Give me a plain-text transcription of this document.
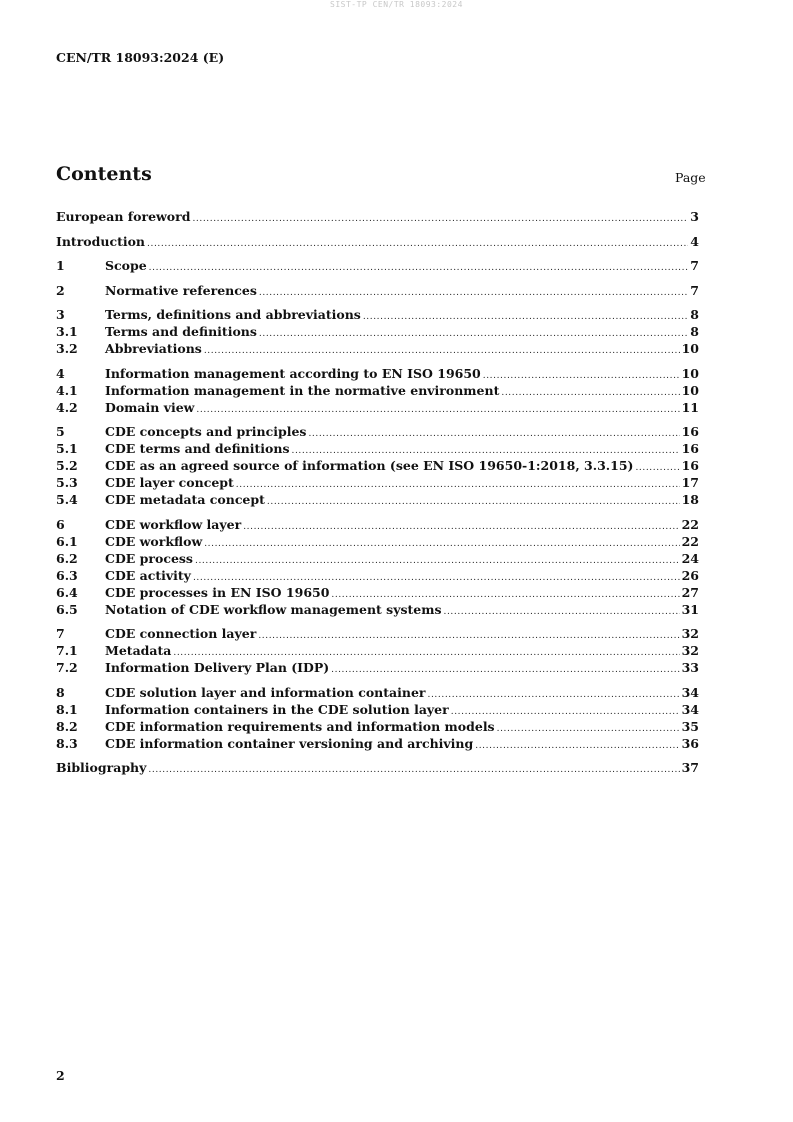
SIST-TP CEN/TR 18093:2024
CEN/TR 18093:2024 (E)
Contents	Page
European foreword .....	3
Introduction .....	4
1	Scope .....	7
2	Normative references .....	7
3	Terms, definitions and abbreviations .....	8
3.1	Terms and definitions .....	8
3.2	Abbreviations .....	10
4	Information management according to EN ISO 19650 .....	10
4.1	Information management in the normative environment .....	10
4.2	Domain view .....	11
5	CDE concepts and principles .....	16
5.1	CDE terms and definitions .....	16
5.2	CDE as an agreed source of information (see EN ISO 19650-1:2018, 3.3.15) .....	16
5.3	CDE layer concept .....	17
5.4	CDE metadata concept .....	18
6	CDE workflow layer .....	22
6.1	CDE workflow .....	22
6.2	CDE process .....	24
6.3	CDE activity .....	26
6.4	CDE processes in EN ISO 19650 .....	27
6.5	Notation of CDE workflow management systems .....	31
7	CDE connection layer .....	32
7.1	Metadata .....	32
7.2	Information Delivery Plan (IDP) .....	33
8	CDE solution layer and information container .....	34
8.1	Information containers in the CDE solution layer .....	34
8.2	CDE information requirements and information models .....	35
8.3	CDE information container versioning and archiving .....	36
Bibliography .....	37
2
